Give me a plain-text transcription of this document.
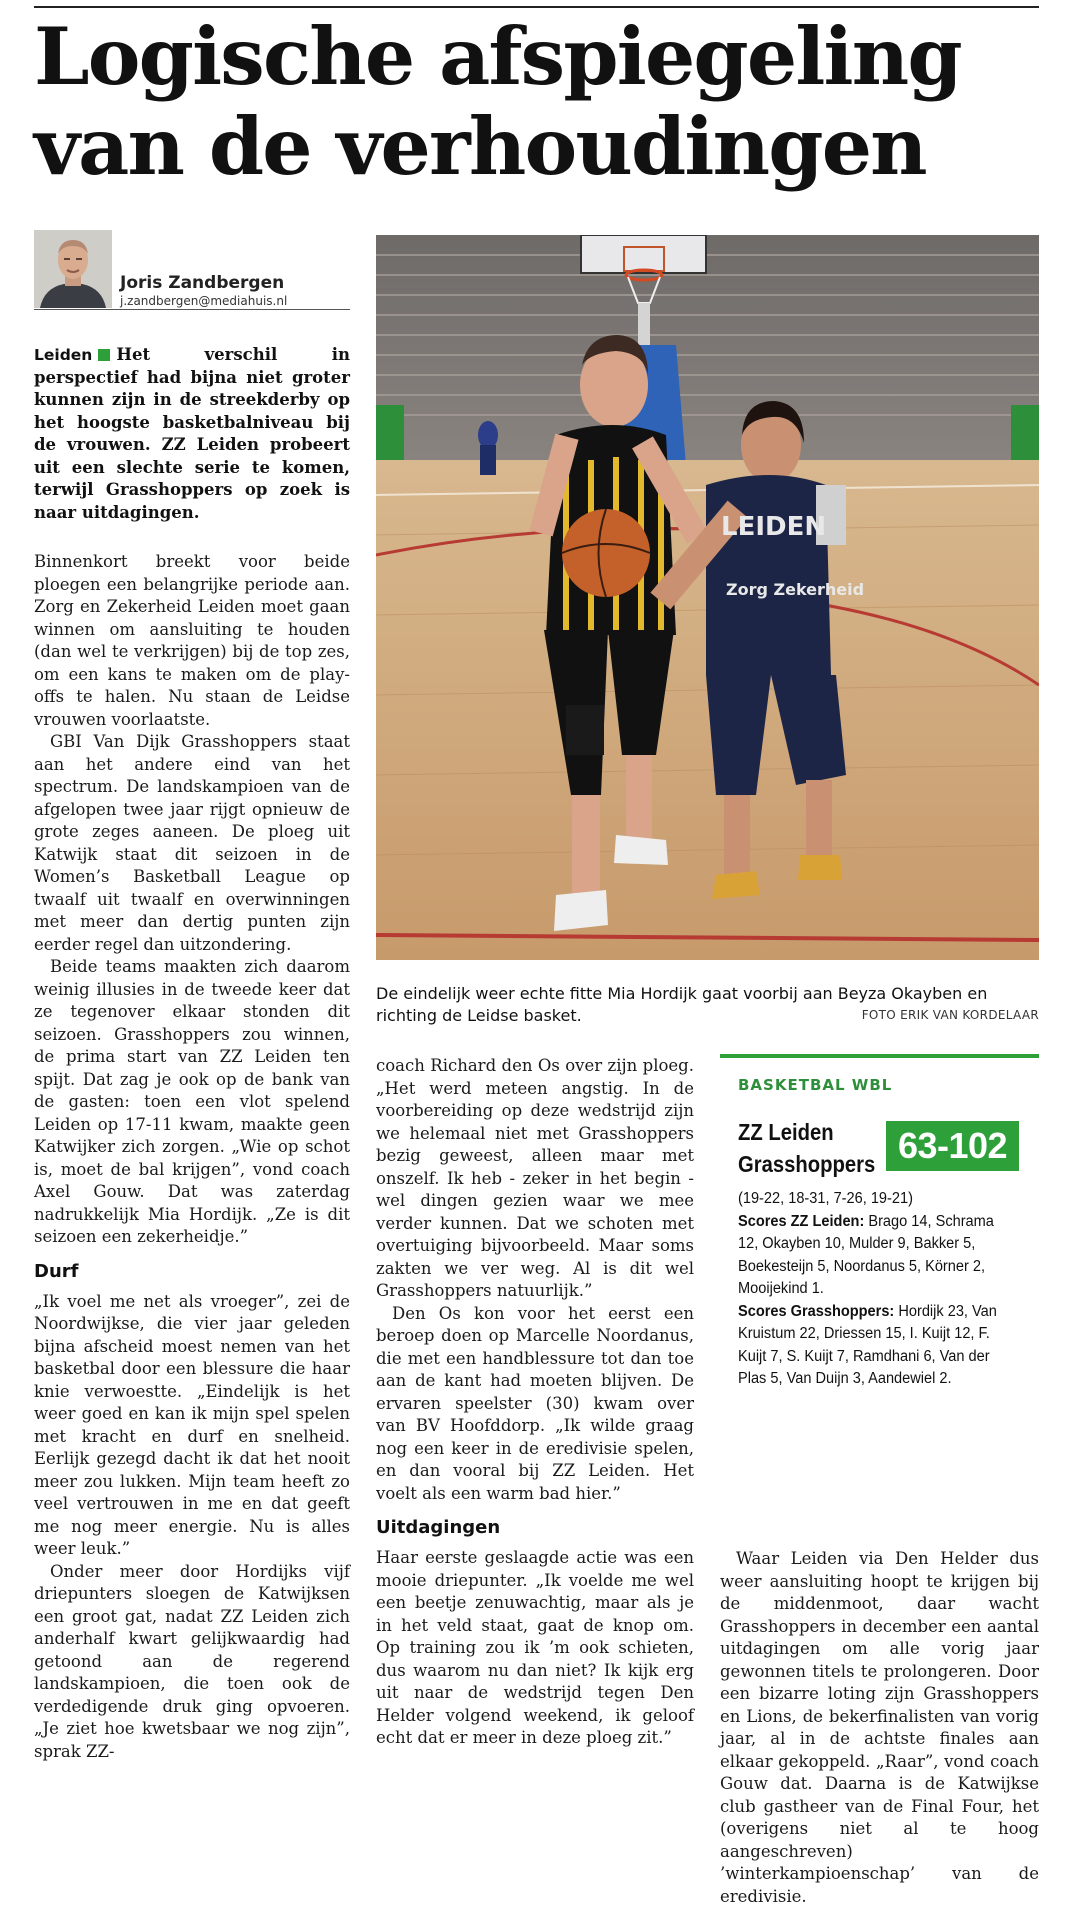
Logische afspiegeling
van de verhoudingen
Joris Zandbergen
j.zandbergen@mediahuis.nl
Leiden Het verschil in perspectief had bijna niet groter kunnen zijn in de streekderby op het hoogste basketbalniveau bij de vrouwen. ZZ Leiden probeert uit een slechte serie te komen, terwijl Grasshoppers op zoek is naar uitdagingen.

Binnenkort breekt voor beide ploegen een belangrijke periode aan. Zorg en Zekerheid Leiden moet gaan winnen om aansluiting te houden (dan wel te verkrijgen) bij de top zes, om een kans te maken om de play-offs te halen. Nu staan de Leidse vrouwen voorlaatste.

GBI Van Dijk Grasshoppers staat aan het andere eind van het spectrum. De landskampioen van de afgelopen twee jaar rijgt opnieuw de grote zeges aaneen. De ploeg uit Katwijk staat dit seizoen in de Women’s Basketball League op twaalf uit twaalf en overwinningen met meer dan dertig punten zijn eerder regel dan uitzondering.

Beide teams maakten zich daarom weinig illusies in de tweede keer dat ze tegenover elkaar stonden dit seizoen. Grasshoppers zou winnen, de prima start van ZZ Leiden ten spijt. Dat zag je ook op de bank van de gasten: toen een vlot spelend Leiden op 17-11 kwam, maakte geen Katwijker zich zorgen. „Wie op schot is, moet de bal krijgen”, vond coach Axel Gouw. Dat was zaterdag nadrukkelijk Mia Hordijk. „Ze is dit seizoen een zekerheidje.”

Durf

„Ik voel me net als vroeger”, zei de Noordwijkse, die vier jaar geleden bijna afscheid moest nemen van het basketbal door een blessure die haar knie verwoestte. „Eindelijk is het weer goed en kan ik mijn spel spelen met kracht en durf en snelheid. Eerlijk gezegd dacht ik dat het nooit meer zou lukken. Mijn team heeft zo veel vertrouwen in me en dat geeft me nog meer energie. Nu is alles weer leuk.”

Onder meer door Hordijks vijf driepunters sloegen de Katwijksen een groot gat, nadat ZZ Leiden zich anderhalf kwart gelijkwaardig had getoond aan de regerend landskampioen, die toen ook de verdedigende druk ging opvoeren. „Je ziet hoe kwetsbaar we nog zijn”, sprak ZZ-

LEIDEN
Zorg Zekerheid
De eindelijk weer echte fitte Mia Hordijk gaat voorbij aan Beyza Okayben en richting de Leidse basket.	FOTO ERIK VAN KORDELAAR

coach Richard den Os over zijn ploeg. „Het werd meteen angstig. In de voorbereiding op deze wedstrijd zijn we helemaal niet met Grasshoppers bezig geweest, alleen maar met onszelf. Ik heb - zeker in het begin - wel dingen gezien waar we mee verder kunnen. Dat we schoten met overtuiging bijvoorbeeld. Maar soms zakten we ver weg. Al is dit wel Grasshoppers natuurlijk.”

Den Os kon voor het eerst een beroep doen op Marcelle Noordanus, die met een handblessure tot dan toe aan de kant had moeten blijven. De ervaren speelster (30) kwam over van BV Hoofddorp. „Ik wilde graag nog een keer in de eredivisie spelen, en dan vooral bij ZZ Leiden. Het voelt als een warm bad hier.”

Uitdagingen

Haar eerste geslaagde actie was een mooie driepunter. „Ik voelde me wel een beetje zenuwachtig, maar als je in het veld staat, gaat de knop om. Op training zou ik ’m ook schieten, dus waarom nu dan niet? Ik kijk erg uit naar de wedstrijd tegen Den Helder volgend weekend, ik geloof echt dat er meer in deze ploeg zit.”

BASKETBAL WBL
ZZ Leiden
Grasshoppers 63-102
(19-22, 18-31, 7-26, 19-21)
Scores ZZ Leiden: Brago 14, Schrama 12, Okayben 10, Mulder 9, Bakker 5, Boekesteijn 5, Noordanus 5, Körner 2, Mooijekind 1.
Scores Grasshoppers: Hordijk 23, Van Kruistum 22, Driessen 15, I. Kuijt 12, F. Kuijt 7, S. Kuijt 7, Ramdhani 6, Van der Plas 5, Van Duijn 3, Aandewiel 2.

Waar Leiden via Den Helder dus weer aansluiting hoopt te krijgen bij de middenmoot, daar wacht Grasshoppers in december een aantal uitdagingen om alle vorig jaar gewonnen titels te prolongeren. Door een bizarre loting zijn Grasshoppers en Lions, de bekerfinalisten van vorig jaar, al in de achtste finales aan elkaar gekoppeld. „Raar”, vond coach Gouw dat. Daarna is de Katwijkse club gastheer van de Final Four, het (overigens niet al te hoog aangeschreven) ’winterkampioenschap’ van de eredivisie.
